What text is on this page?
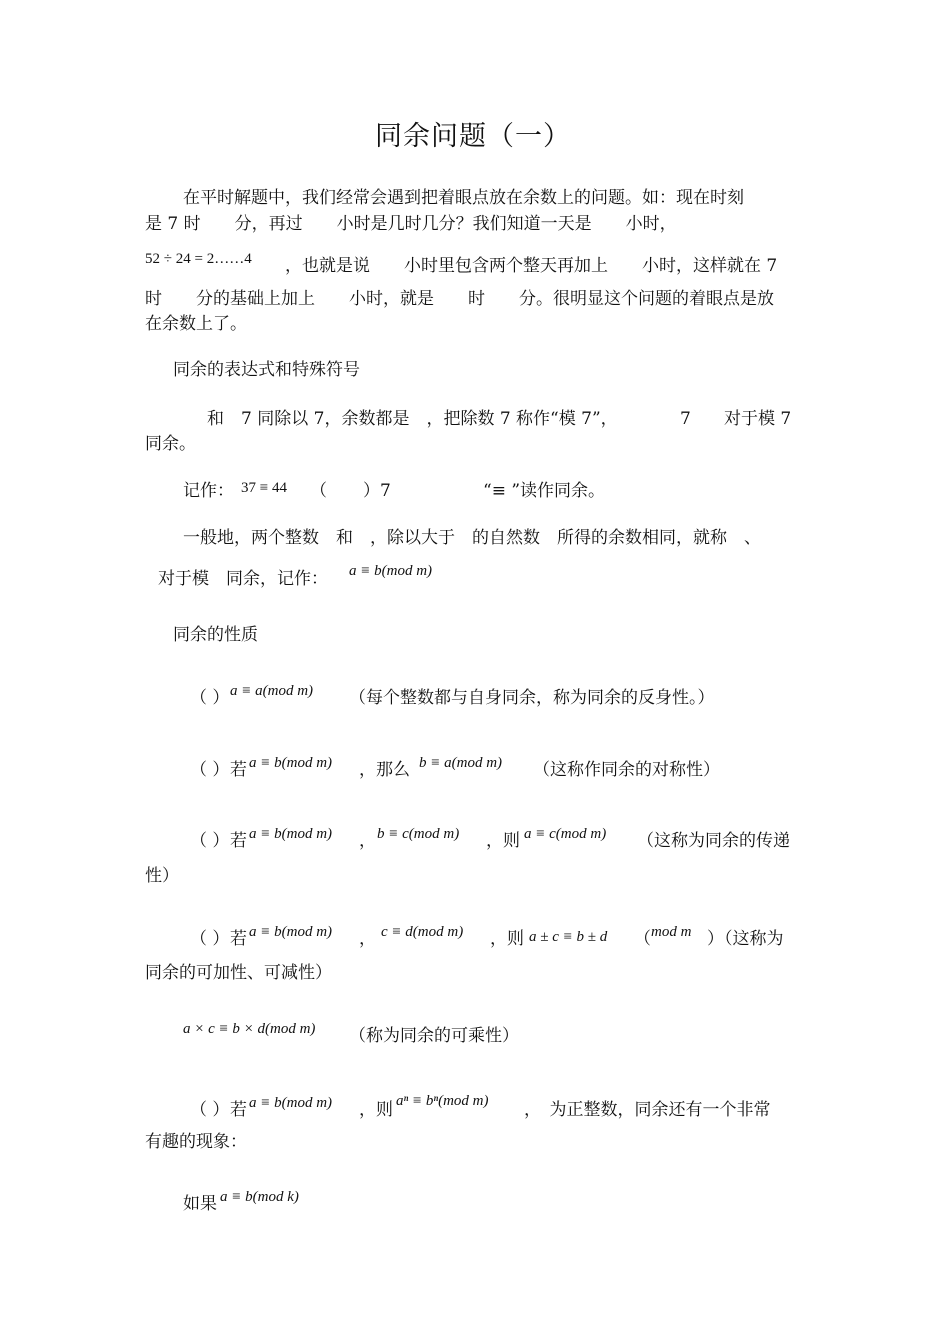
同余问题（一）
在平时解题中，我们经常会遇到把着眼点放在余数上的问题。如：现在时刻
是 7 时　　分，再过　　小时是几时几分？我们知道一天是　　小时，
52 ÷ 24 = 2……4 ，也就是说　　小时里包含两个整天再加上　　小时，这样就在 7
时　　分的基础上加上　　小时，就是　　时　　分。很明显这个问题的着眼点是放
在余数上了。
同余的表达式和特殊符号
和　7 同除以 7，余数都是　，把除数 7 称作“模 7”，	7 对于模 7
同余。
记作： 37 ≡ 44 （ ）7	“≡ ”读作同余。
一般地，两个整数　和　，除以大于　的自然数　所得的余数相同，就称　、
对于模　同余，记作： a ≡ b(mod m)
同余的性质
（ ） a ≡ a(mod m) （每个整数都与自身同余，称为同余的反身性。）
（ ） 若 a ≡ b(mod m) ，那么 b ≡ a(mod m) （这称作同余的对称性）
（ ） 若 a ≡ b(mod m) ， b ≡ c(mod m) ，则 a ≡ c(mod m) （这称为同余的传递
性）
（ ） 若 a ≡ b(mod m) ， c ≡ d(mod m) ，则 a ± c ≡ b ± d （ mod m ）（这称为
同余的可加性、可减性）
a × c ≡ b × d(mod m) （称为同余的可乘性）
（ ） 若 a ≡ b(mod m) ，则 aⁿ ≡ bⁿ(mod m) ，　为正整数，同余还有一个非常
有趣的现象：
如果 a ≡ b(mod k)
